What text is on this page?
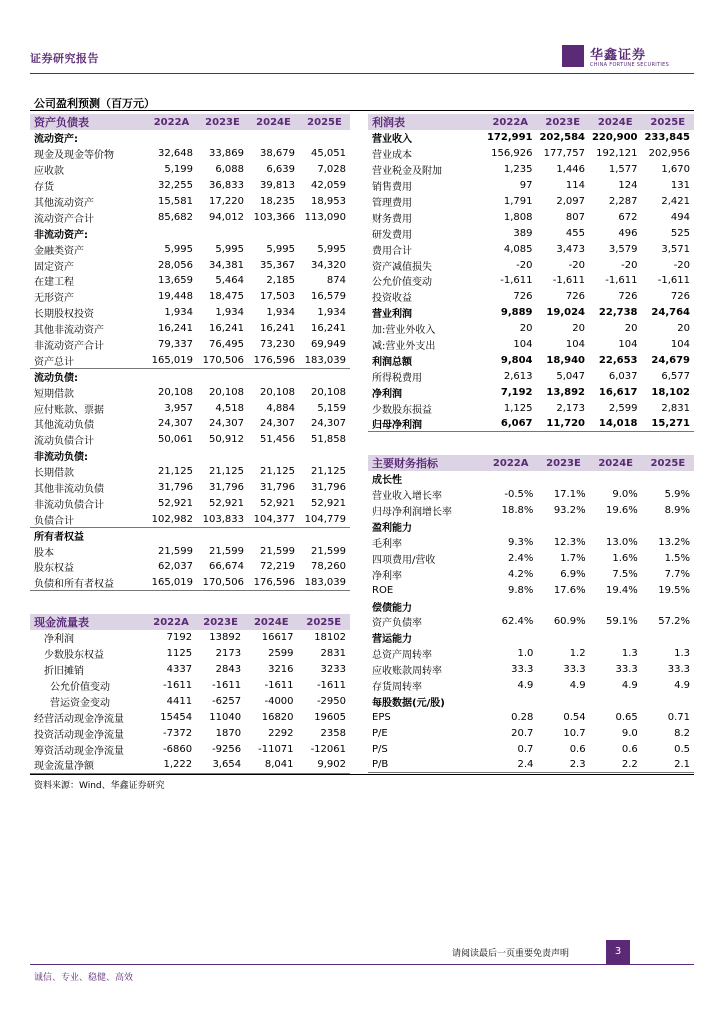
证券研究报告	华鑫证券
CHINA FORTUNE SECURITIES
公司盈利预测（百万元）
资产负债表	2022A	2023E	2024E	2025E
流动资产:				
现金及现金等价物	32,648	33,869	38,679	45,051
应收款	5,199	6,088	6,639	7,028
存货	32,255	36,833	39,813	42,059
其他流动资产	15,581	17,220	18,235	18,953
流动资产合计	85,682	94,012	103,366	113,090
非流动资产:				
金融类资产	5,995	5,995	5,995	5,995
固定资产	28,056	34,381	35,367	34,320
在建工程	13,659	5,464	2,185	874
无形资产	19,448	18,475	17,503	16,579
长期股权投资	1,934	1,934	1,934	1,934
其他非流动资产	16,241	16,241	16,241	16,241
非流动资产合计	79,337	76,495	73,230	69,949
资产总计	165,019	170,506	176,596	183,039
流动负债:				
短期借款	20,108	20,108	20,108	20,108
应付账款、票据	3,957	4,518	4,884	5,159
其他流动负债	24,307	24,307	24,307	24,307
流动负债合计	50,061	50,912	51,456	51,858
非流动负债:				
长期借款	21,125	21,125	21,125	21,125
其他非流动负债	31,796	31,796	31,796	31,796
非流动负债合计	52,921	52,921	52,921	52,921
负债合计	102,982	103,833	104,377	104,779
所有者权益				
股本	21,599	21,599	21,599	21,599
股东权益	62,037	66,674	72,219	78,260
负债和所有者权益	165,019	170,506	176,596	183,039
利润表	2022A	2023E	2024E	2025E
营业收入	172,991	202,584	220,900	233,845
营业成本	156,926	177,757	192,121	202,956
营业税金及附加	1,235	1,446	1,577	1,670
销售费用	97	114	124	131
管理费用	1,791	2,097	2,287	2,421
财务费用	1,808	807	672	494
研发费用	389	455	496	525
费用合计	4,085	3,473	3,579	3,571
资产减值损失	-20	-20	-20	-20
公允价值变动	-1,611	-1,611	-1,611	-1,611
投资收益	726	726	726	726
营业利润	9,889	19,024	22,738	24,764
加:营业外收入	20	20	20	20
减:营业外支出	104	104	104	104
利润总额	9,804	18,940	22,653	24,679
所得税费用	2,613	5,047	6,037	6,577
净利润	7,192	13,892	16,617	18,102
少数股东损益	1,125	2,173	2,599	2,831
归母净利润	6,067	11,720	14,018	15,271
主要财务指标	2022A	2023E	2024E	2025E
成长性				
营业收入增长率	-0.5%	17.1%	9.0%	5.9%
归母净利润增长率	18.8%	93.2%	19.6%	8.9%
盈利能力				
毛利率	9.3%	12.3%	13.0%	13.2%
四项费用/营收	2.4%	1.7%	1.6%	1.5%
净利率	4.2%	6.9%	7.5%	7.7%
ROE	9.8%	17.6%	19.4%	19.5%
偿债能力				
资产负债率	62.4%	60.9%	59.1%	57.2%
营运能力				
总资产周转率	1.0	1.2	1.3	1.3
应收账款周转率	33.3	33.3	33.3	33.3
存货周转率	4.9	4.9	4.9	4.9
每股数据(元/股)				
EPS	0.28	0.54	0.65	0.71
P/E	20.7	10.7	9.0	8.2
P/S	0.7	0.6	0.6	0.5
P/B	2.4	2.3	2.2	2.1
现金流量表	2022A	2023E	2024E	2025E
净利润	7192	13892	16617	18102
少数股东权益	1125	2173	2599	2831
折旧摊销	4337	2843	3216	3233
公允价值变动	-1611	-1611	-1611	-1611
营运资金变动	4411	-6257	-4000	-2950
经营活动现金净流量	15454	11040	16820	19605
投资活动现金净流量	-7372	1870	2292	2358
筹资活动现金净流量	-6860	-9256	-11071	-12061
现金流量净额	1,222	3,654	8,041	9,902
资料来源：Wind、华鑫证券研究
请阅读最后一页重要免责声明	3
诚信、专业、稳健、高效
